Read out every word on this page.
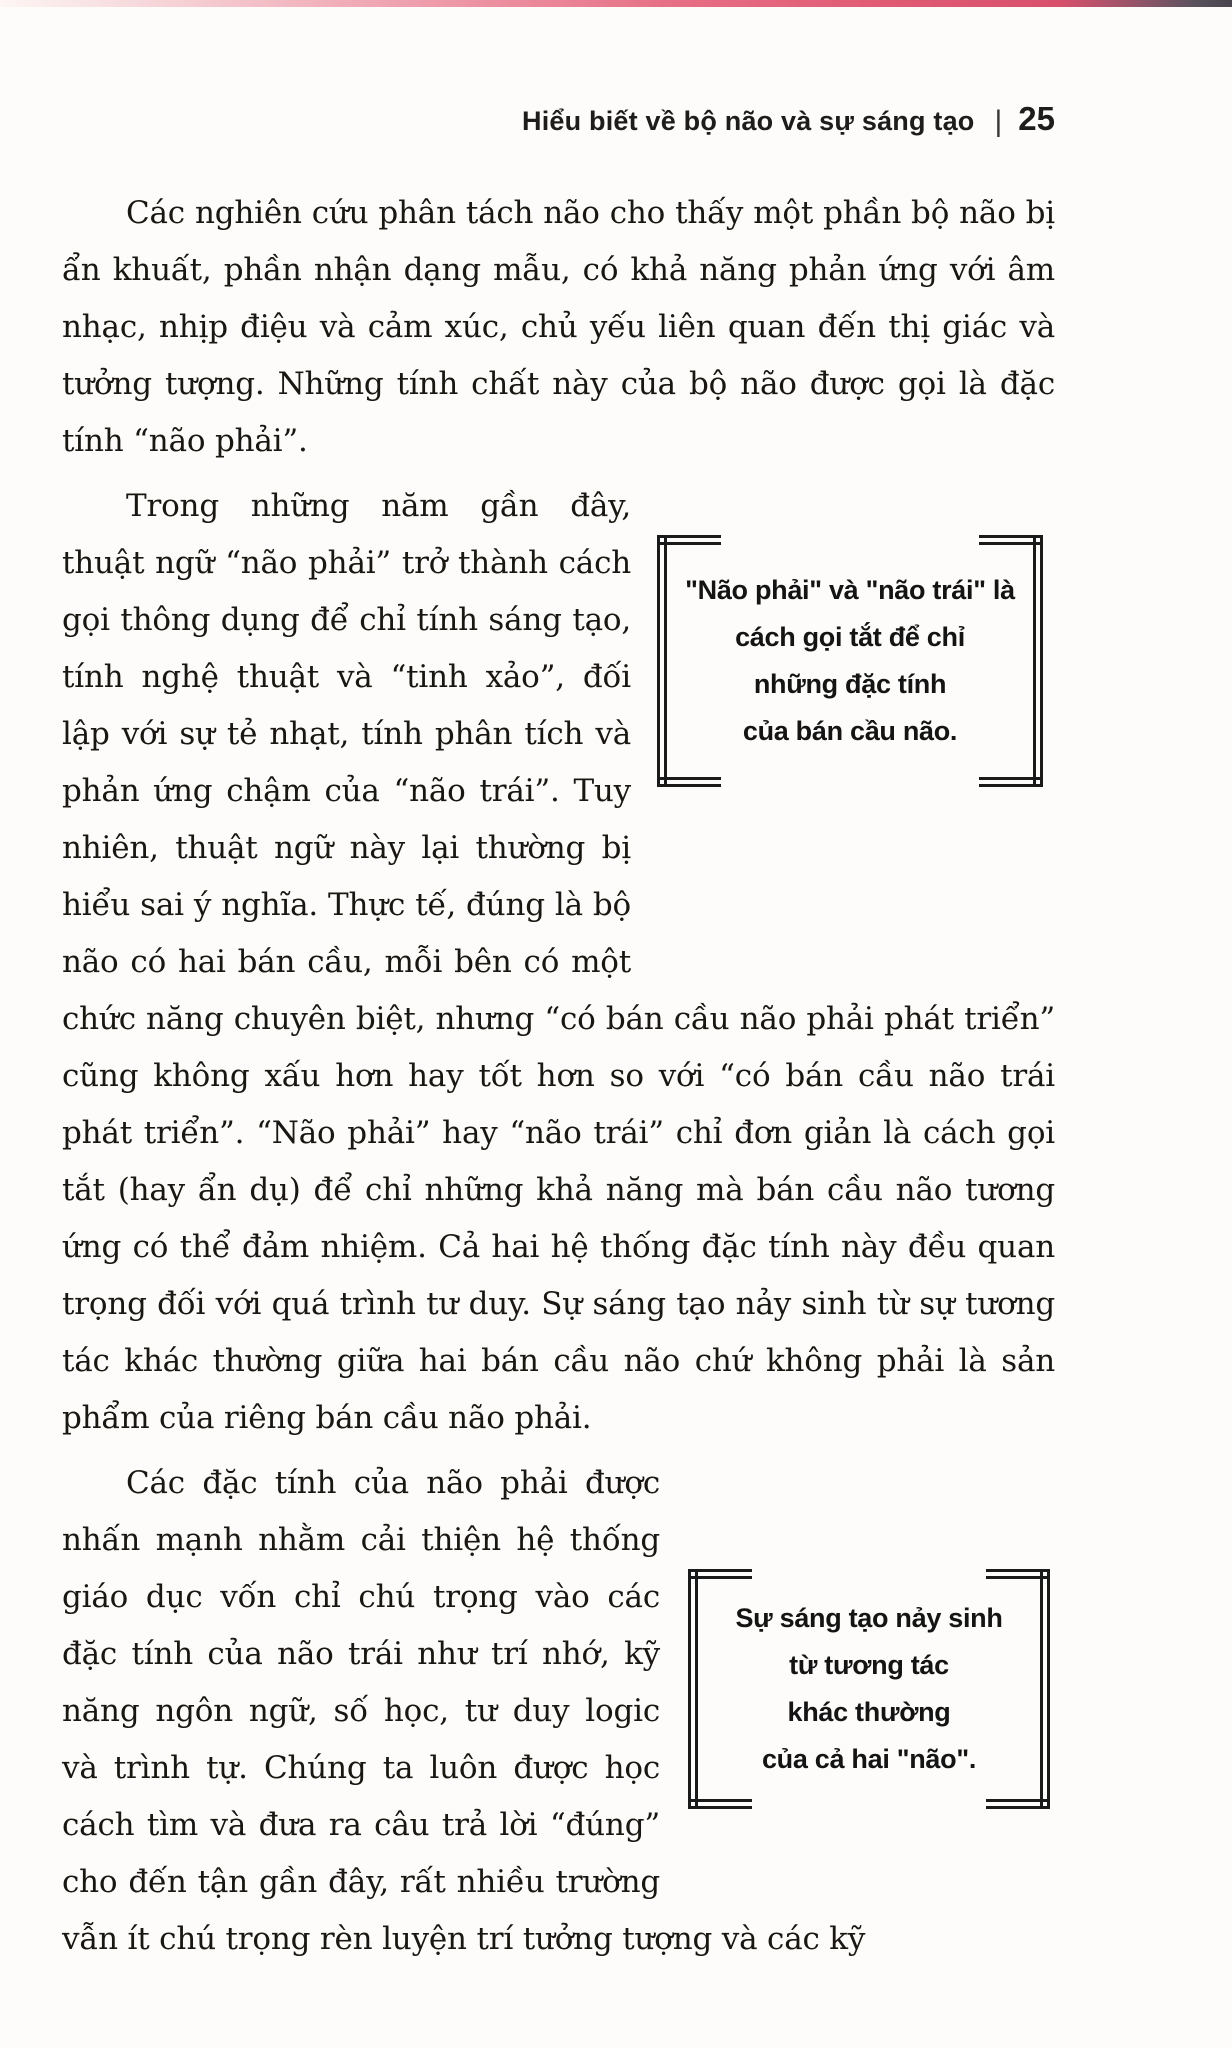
Hiểu biết về bộ não và sự sáng tạo | 25

Các nghiên cứu phân tách não cho thấy một phần bộ não bị ẩn khuất, phần nhận dạng mẫu, có khả năng phản ứng với âm nhạc, nhịp điệu và cảm xúc, chủ yếu liên quan đến thị giác và tưởng tượng. Những tính chất này của bộ não được gọi là đặc tính “não phải”.

"Não phải" và "não trái" là
cách gọi tắt để chỉ
những đặc tính
của bán cầu não.
Trong những năm gần đây, thuật ngữ “não phải” trở thành cách gọi thông dụng để chỉ tính sáng tạo, tính nghệ thuật và “tinh xảo”, đối lập với sự tẻ nhạt, tính phân tích và phản ứng chậm của “não trái”. Tuy nhiên, thuật ngữ này lại thường bị hiểu sai ý nghĩa. Thực tế, đúng là bộ não có hai bán cầu, mỗi bên có một chức năng chuyên biệt, nhưng “có bán cầu não phải phát triển” cũng không xấu hơn hay tốt hơn so với “có bán cầu não trái phát triển”. “Não phải” hay “não trái” chỉ đơn giản là cách gọi tắt (hay ẩn dụ) để chỉ những khả năng mà bán cầu não tương ứng có thể đảm nhiệm. Cả hai hệ thống đặc tính này đều quan trọng đối với quá trình tư duy. Sự sáng tạo nảy sinh từ sự tương tác khác thường giữa hai bán cầu não chứ không phải là sản phẩm của riêng bán cầu não phải.

Sự sáng tạo nảy sinh
từ tương tác
khác thường
của cả hai "não".
Các đặc tính của não phải được nhấn mạnh nhằm cải thiện hệ thống giáo dục vốn chỉ chú trọng vào các đặc tính của não trái như trí nhớ, kỹ năng ngôn ngữ, số học, tư duy logic và trình tự. Chúng ta luôn được học cách tìm và đưa ra câu trả lời “đúng” cho đến tận gần đây, rất nhiều trường vẫn ít chú trọng rèn luyện trí tưởng tượng và các kỹ
